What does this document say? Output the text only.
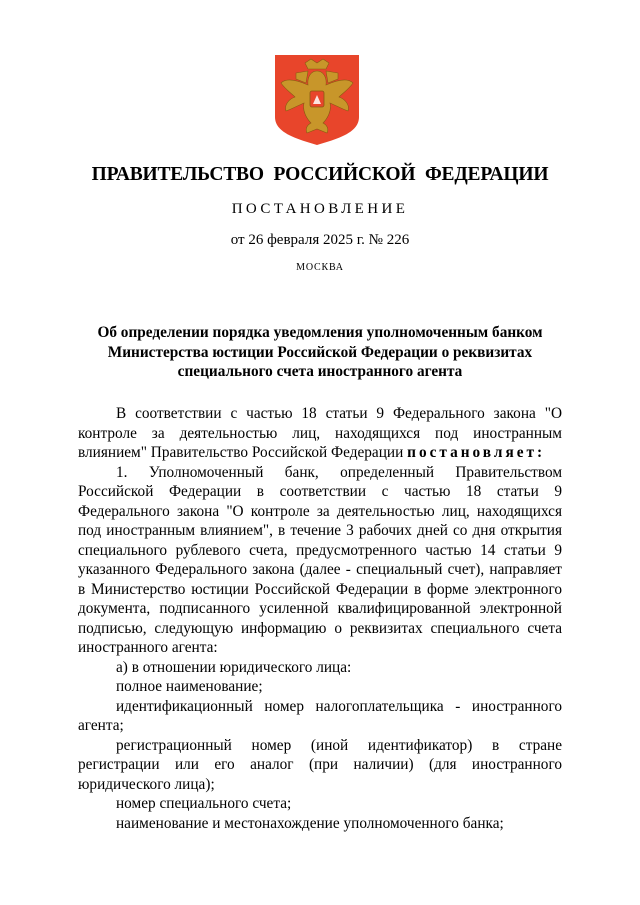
ПРАВИТЕЛЬСТВО РОССИЙСКОЙ ФЕДЕРАЦИИ
ПОСТАНОВЛЕНИЕ
от 26 февраля 2025 г. № 226
МОСКВА
Об определении порядка уведомления уполномоченным банком
Министерства юстиции Российской Федерации о реквизитах
специального счета иностранного агента

В соответствии с частью 18 статьи 9 Федерального закона "О контроле за деятельностью лиц, находящихся под иностранным влиянием" Правительство Российской Федерации постановляет:

1. Уполномоченный банк, определенный Правительством Российской Федерации в соответствии с частью 18 статьи 9 Федерального закона "О контроле за деятельностью лиц, находящихся под иностранным влиянием", в течение 3 рабочих дней со дня открытия специального рублевого счета, предусмотренного частью 14 статьи 9 указанного Федерального закона (далее - специальный счет), направляет в Министерство юстиции Российской Федерации в форме электронного документа, подписанного усиленной квалифицированной электронной подписью, следующую информацию о реквизитах специального счета иностранного агента:

а) в отношении юридического лица:

полное наименование;

идентификационный номер налогоплательщика - иностранного агента;

регистрационный номер (иной идентификатор) в стране регистрации или его аналог (при наличии) (для иностранного юридического лица);

номер специального счета;

наименование и местонахождение уполномоченного банка;
